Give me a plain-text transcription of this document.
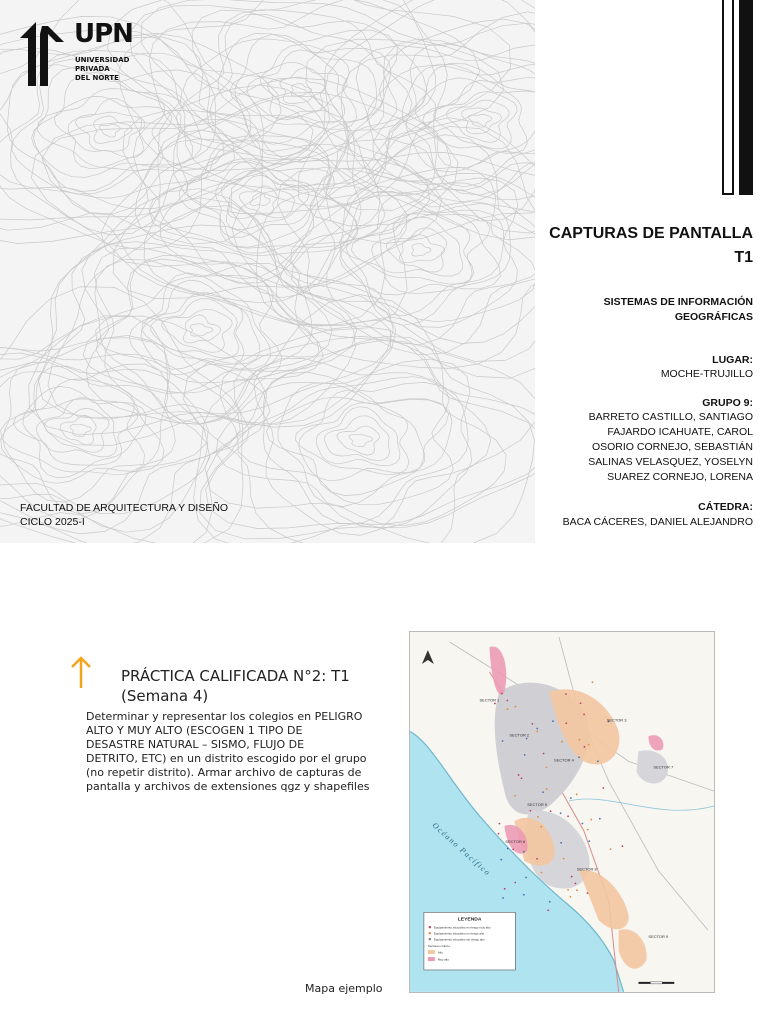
UPN
UNIVERSIDAD
PRIVADA
DEL NORTE
FACULTAD DE ARQUITECTURA Y DISEÑO
CICLO 2025-I
CAPTURAS DE PANTALLA
T1
SISTEMAS DE INFORMACIÓN
GEOGRÁFICAS
LUGAR:
MOCHE-TRUJILLO
GRUPO 9:
BARRETO CASTILLO, SANTIAGO
FAJARDO ICAHUATE, CAROL
OSORIO CORNEJO, SEBASTIÁN
SALINAS VELASQUEZ, YOSELYN
SUAREZ CORNEJO, LORENA
CÁTEDRA:
BACA CÁCERES, DANIEL ALEJANDRO
PRÁCTICA CALIFICADA N°2: T1
(Semana 4)
Determinar y representar los colegios en PELIGRO
ALTO Y MUY ALTO (ESCOGEN 1 TIPO DE
DESASTRE NATURAL – SISMO, FLUJO DE
DETRITO, ETC) en un distrito escogido por el grupo
(no repetir distrito). Armar archivo de capturas de
pantalla y archivos de extensiones qgz y shapefiles
Mapa ejemplo
Océano Pacífico
SECTOR 1
SECTOR 2
SECTOR 3
SECTOR 4
SECTOR 5
SECTOR 6
SECTOR 7
SECTOR 8
SECTOR 9
LEYENDA
Equipamiento educativo en riesgo muy alto
Equipamiento educativo en riesgo alto
Equipamiento educativo sin riesgo alto
Sectores críticos
Alto
Muy alto
